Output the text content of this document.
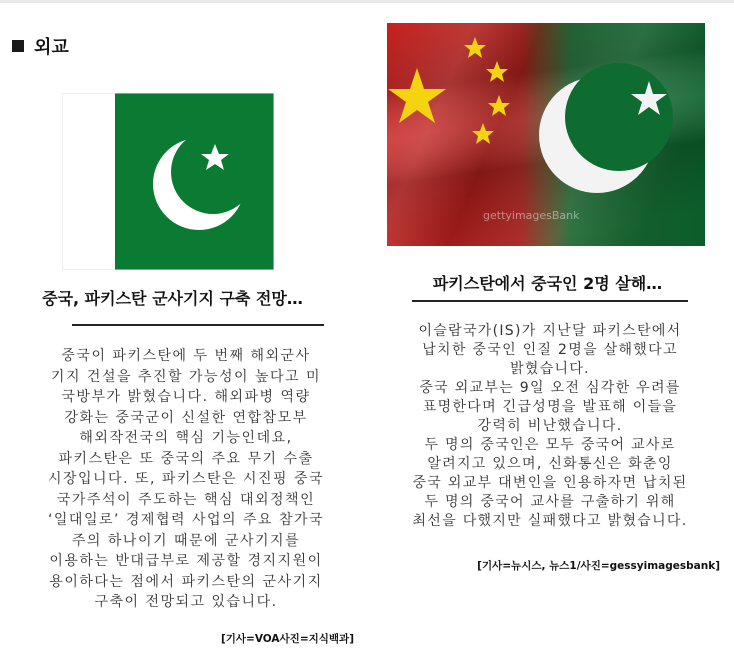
외교
중국, 파키스탄 군사기지 구축 전망…

중국이 파키스탄에 두 번째 해외군사

기지 건설을 추진할 가능성이 높다고 미

국방부가 밝혔습니다. 해외파병 역량

강화는 중국군이 신설한 연합참모부

해외작전국의 핵심 기능인데요,

파키스탄은 또 중국의 주요 무기 수출

시장입니다. 또, 파키스탄은 시진핑 중국

국가주석이 주도하는 핵심 대외정책인

‘일대일로’ 경제협력 사업의 주요 참가국

주의 하나이기 때문에 군사기지를

이용하는 반대급부로 제공할 경지지원이

용이하다는 점에서 파키스탄의 군사기지

구축이 전망되고 있습니다.

[기사=VOA사진=지식백과]
gettyimagesBank
파키스탄에서 중국인 2명 살해…

이슬람국가(IS)가 지난달 파키스탄에서

납치한 중국인 인질 2명을 살해했다고

밝혔습니다.

중국 외교부는 9일 오전 심각한 우려를

표명한다며 긴급성명을 발표해 이들을

강력히 비난했습니다.

두 명의 중국인은 모두 중국어 교사로

알려지고 있으며, 신화통신은 화춘잉

중국 외교부 대변인을 인용하자면 납치된

두 명의 중국어 교사를 구출하기 위해

최선을 다했지만 실패했다고 밝혔습니다.

[기사=뉴시스, 뉴스1/사진=gessyimagesbank]
